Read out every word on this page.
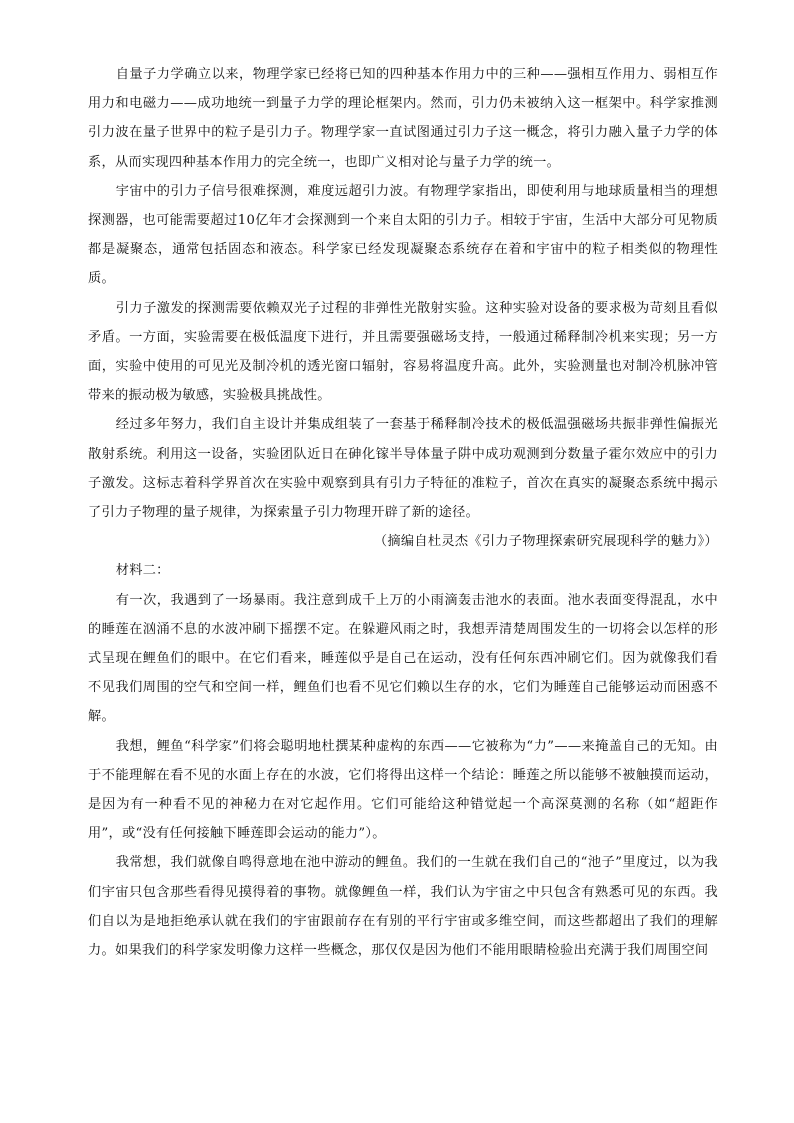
自量子力学确立以来，物理学家已经将已知的四种基本作用力中的三种——强相互作用力、弱相互作用力和电磁力——成功地统一到量子力学的理论框架内。然而，引力仍未被纳入这一框架中。科学家推测引力波在量子世界中的粒子是引力子。物理学家一直试图通过引力子这一概念，将引力融入量子力学的体系，从而实现四种基本作用力的完全统一，也即广义相对论与量子力学的统一。

宇宙中的引力子信号很难探测，难度远超引力波。有物理学家指出，即使利用与地球质量相当的理想探测器，也可能需要超过10亿年才会探测到一个来自太阳的引力子。相较于宇宙，生活中大部分可见物质都是凝聚态，通常包括固态和液态。科学家已经发现凝聚态系统存在着和宇宙中的粒子相类似的物理性质。

引力子激发的探测需要依赖双光子过程的非弹性光散射实验。这种实验对设备的要求极为苛刻且看似矛盾。一方面，实验需要在极低温度下进行，并且需要强磁场支持，一般通过稀释制冷机来实现；另一方面，实验中使用的可见光及制冷机的透光窗口辐射，容易将温度升高。此外，实验测量也对制冷机脉冲管带来的振动极为敏感，实验极具挑战性。

经过多年努力，我们自主设计并集成组装了一套基于稀释制冷技术的极低温强磁场共振非弹性偏振光散射系统。利用这一设备，实验团队近日在砷化镓半导体量子阱中成功观测到分数量子霍尔效应中的引力子激发。这标志着科学界首次在实验中观察到具有引力子特征的准粒子，首次在真实的凝聚态系统中揭示了引力子物理的量子规律，为探索量子引力物理开辟了新的途径。

（摘编自杜灵杰《引力子物理探索研究展现科学的魅力》）

材料二：

有一次，我遇到了一场暴雨。我注意到成千上万的小雨滴轰击池水的表面。池水表面变得混乱，水中的睡莲在汹涌不息的水波冲刷下摇摆不定。在躲避风雨之时，我想弄清楚周围发生的一切将会以怎样的形式呈现在鲤鱼们的眼中。在它们看来，睡莲似乎是自己在运动，没有任何东西冲刷它们。因为就像我们看不见我们周围的空气和空间一样，鲤鱼们也看不见它们赖以生存的水，它们为睡莲自己能够运动而困惑不解。

我想，鲤鱼“科学家”们将会聪明地杜撰某种虚构的东西——它被称为“力”——来掩盖自己的无知。由于不能理解在看不见的水面上存在的水波，它们将得出这样一个结论：睡莲之所以能够不被触摸而运动，是因为有一种看不见的神秘力在对它起作用。它们可能给这种错觉起一个高深莫测的名称（如“超距作用”，或“没有任何接触下睡莲即会运动的能力”）。

我常想，我们就像自鸣得意地在池中游动的鲤鱼。我们的一生就在我们自己的“池子”里度过，以为我们宇宙只包含那些看得见摸得着的事物。就像鲤鱼一样，我们认为宇宙之中只包含有熟悉可见的东西。我们自以为是地拒绝承认就在我们的宇宙跟前存在有别的平行宇宙或多维空间，而这些都超出了我们的理解力。如果我们的科学家发明像力这样一些概念，那仅仅是因为他们不能用眼睛检验出充满于我们周围空间
